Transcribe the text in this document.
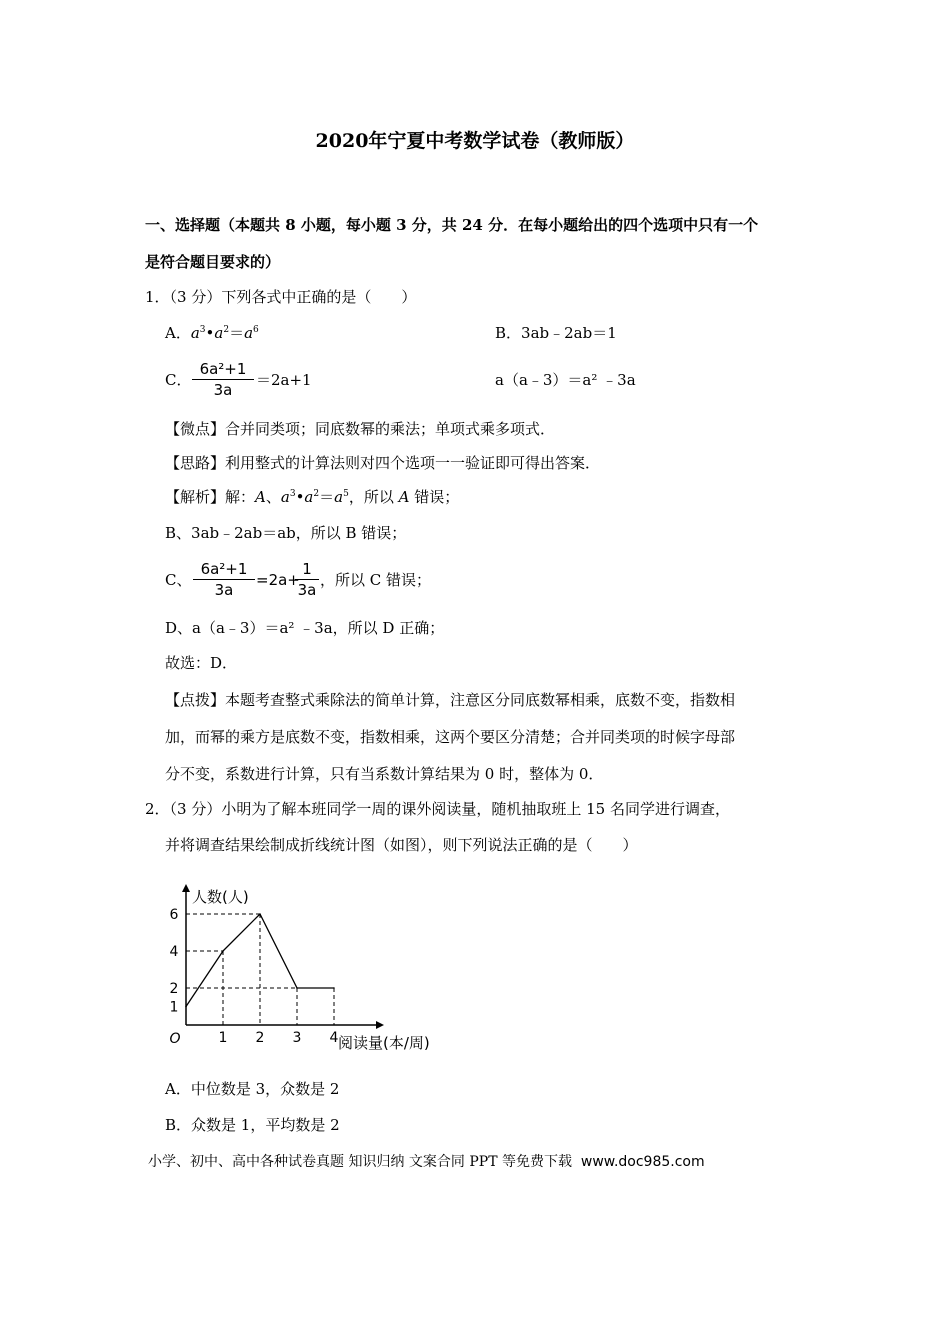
2020年宁夏中考数学试卷（教师版）
一、选择题（本题共 8 小题，每小题 3 分，共 24 分．在每小题给出的四个选项中只有一个
是符合题目要求的）
1．（3 分）下列各式中正确的是（　　）
A．$a^3•a^2=a^6$	B．3ab﹣2ab＝1
C．
6a²+1
3a
＝2a+1	a（a﹣3）＝a² ﹣3a
【微点】合并同类项；同底数幂的乘法；单项式乘多项式．
【思路】利用整式的计算法则对四个选项一一验证即可得出答案．
【解析】解：A、$a^3•a^2=a^5$，所以 A 错误；
B、3ab﹣2ab＝ab，所以 B 错误；
C、
6a²+1
3a
=2a+
1
3a
，所以 C 错误；
D、a（a﹣3）＝a² ﹣3a，所以 D 正确；
故选：D．
【点拨】本题考查整式乘除法的简单计算，注意区分同底数幂相乘，底数不变，指数相
加，而幂的乘方是底数不变，指数相乘，这两个要区分清楚；合并同类项的时候字母部
分不变，系数进行计算，只有当系数计算结果为 0 时，整体为 0．
2．（3 分）小明为了解本班同学一周的课外阅读量，随机抽取班上 15 名同学进行调查，
并将调查结果绘制成折线统计图（如图），则下列说法正确的是（　　）
1 2 3 4
1
2
4
6
O
人数(人)
阅读量(本/周)
A．中位数是 3，众数是 2
B．众数是 1，平均数是 2
小学、初中、高中各种试卷真题 知识归纳 文案合同 PPT 等免费下载 www.doc985.com
